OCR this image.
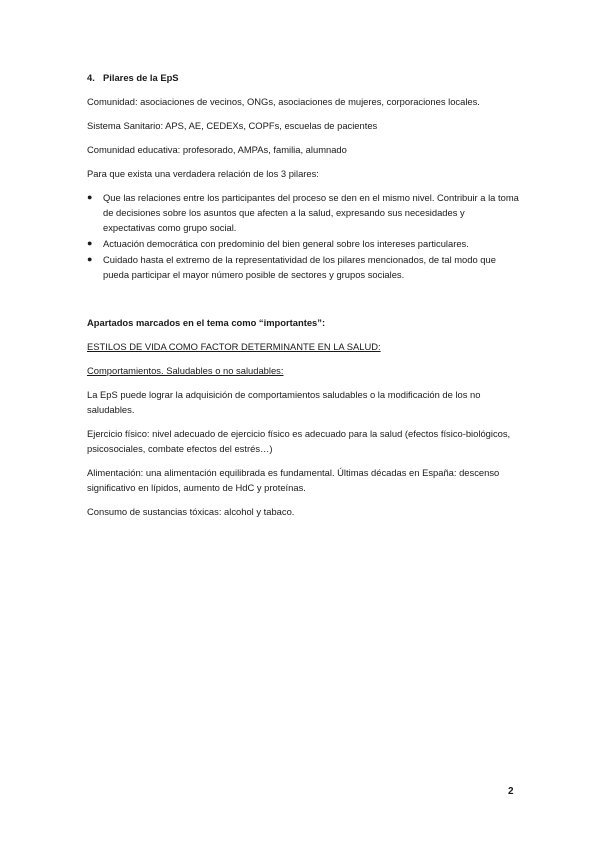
4. Pilares de la EpS

Comunidad: asociaciones de vecinos, ONGs, asociaciones de mujeres, corporaciones locales.

Sistema Sanitario: APS, AE, CEDEXs, COPFs, escuelas de pacientes

Comunidad educativa: profesorado, AMPAs, familia, alumnado

Para que exista una verdadera relación de los 3 pilares:

● Que las relaciones entre los participantes del proceso se den en el mismo nivel. Contribuir a la toma de decisiones sobre los asuntos que afecten a la salud, expresando sus necesidades y expectativas como grupo social.
● Actuación democrática con predominio del bien general sobre los intereses particulares.
● Cuidado hasta el extremo de la representatividad de los pilares mencionados, de tal modo que pueda participar el mayor número posible de sectores y grupos sociales.

Apartados marcados en el tema como “importantes”:

ESTILOS DE VIDA COMO FACTOR DETERMINANTE EN LA SALUD:

Comportamientos. Saludables o no saludables:

La EpS puede lograr la adquisición de comportamientos saludables o la modificación de los no saludables.

Ejercicio físico: nivel adecuado de ejercicio físico es adecuado para la salud (efectos físico-biológicos, psicosociales, combate efectos del estrés…)

Alimentación: una alimentación equilibrada es fundamental. Últimas décadas en España: descenso significativo en lípidos, aumento de HdC y proteínas.

Consumo de sustancias tóxicas: alcohol y tabaco.

2
